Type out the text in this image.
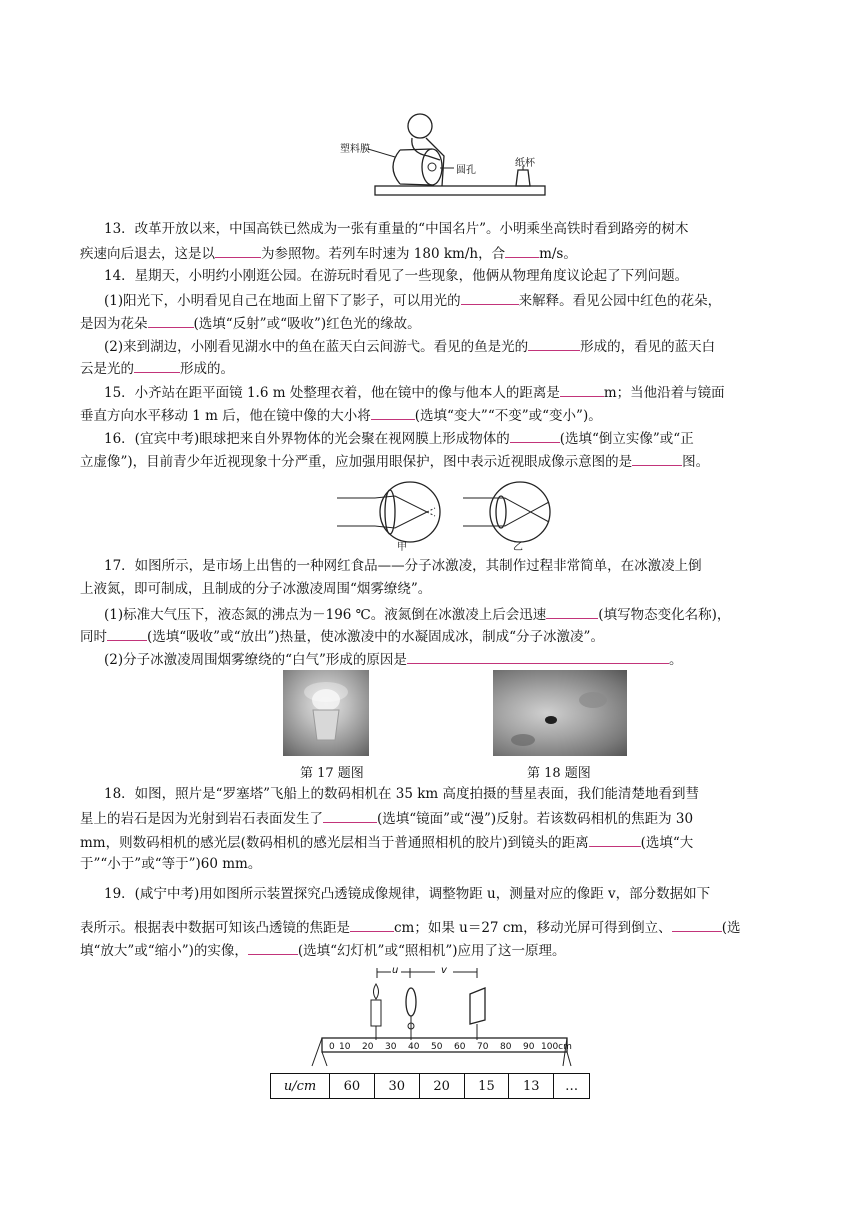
塑料膜
圆孔
纸杯
13．改革开放以来，中国高铁已然成为一张有重量的“中国名片”。小明乘坐高铁时看到路旁的树木
疾速向后退去，这是以	为参照物。若列车时速为 180 km/h，合	m/s。
14．星期天，小明约小刚逛公园。在游玩时看见了一些现象，他俩从物理角度议论起了下列问题。
(1)阳光下，小明看见自己在地面上留下了影子，可以用光的	来解释。看见公园中红色的花朵，
是因为花朵	(选填“反射”或“吸收”)红色光的缘故。
(2)来到湖边，小刚看见湖水中的鱼在蓝天白云间游弋。看见的鱼是光的	形成的，看见的蓝天白
云是光的	形成的。
15．小齐站在距平面镜 1.6 m 处整理衣着，他在镜中的像与他本人的距离是	m；当他沿着与镜面
垂直方向水平移动 1 m 后，他在镜中像的大小将	(选填“变大”“不变”或“变小”)。
16．(宜宾中考)眼球把来自外界物体的光会聚在视网膜上形成物体的	(选填“倒立实像”或“正
立虚像”)，目前青少年近视现象十分严重，应加强用眼保护，图中表示近视眼成像示意图的是	图。
甲	乙
17．如图所示，是市场上出售的一种网红食品——分子冰激凌，其制作过程非常简单，在冰激凌上倒
上液氮，即可制成，且制成的分子冰激凌周围“烟雾缭绕”。
(1)标准大气压下，液态氮的沸点为－196 ℃。液氮倒在冰激凌上后会迅速	(填写物态变化名称)，
同时	(选填“吸收”或“放出”)热量，使冰激凌中的水凝固成冰，制成“分子冰激凌”。
(2)分子冰激凌周围烟雾缭绕的“白气”形成的原因是	。
第 17 题图	第 18 题图
18．如图，照片是“罗塞塔”飞船上的数码相机在 35 km 高度拍摄的彗星表面，我们能清楚地看到彗
星上的岩石是因为光射到岩石表面发生了	(选填“镜面”或“漫”)反射。若该数码相机的焦距为 30
mm，则数码相机的感光层(数码相机的感光层相当于普通照相机的胶片)到镜头的距离	(选填“大
于”“小于”或“等于”)60 mm。
19．(咸宁中考)用如图所示装置探究凸透镜成像规律，调整物距 u，测量对应的像距 v，部分数据如下
表所示。根据表中数据可知该凸透镜的焦距是	cm；如果 u＝27 cm，移动光屏可得到倒立、	(选
填“放大”或“缩小”)的实像，	(选填“幻灯机”或“照相机”)应用了这一原理。
0 10 20 30 40 50 60 70 80 90 100cm
u	v
u/cm	60	30	20	15	13	…
